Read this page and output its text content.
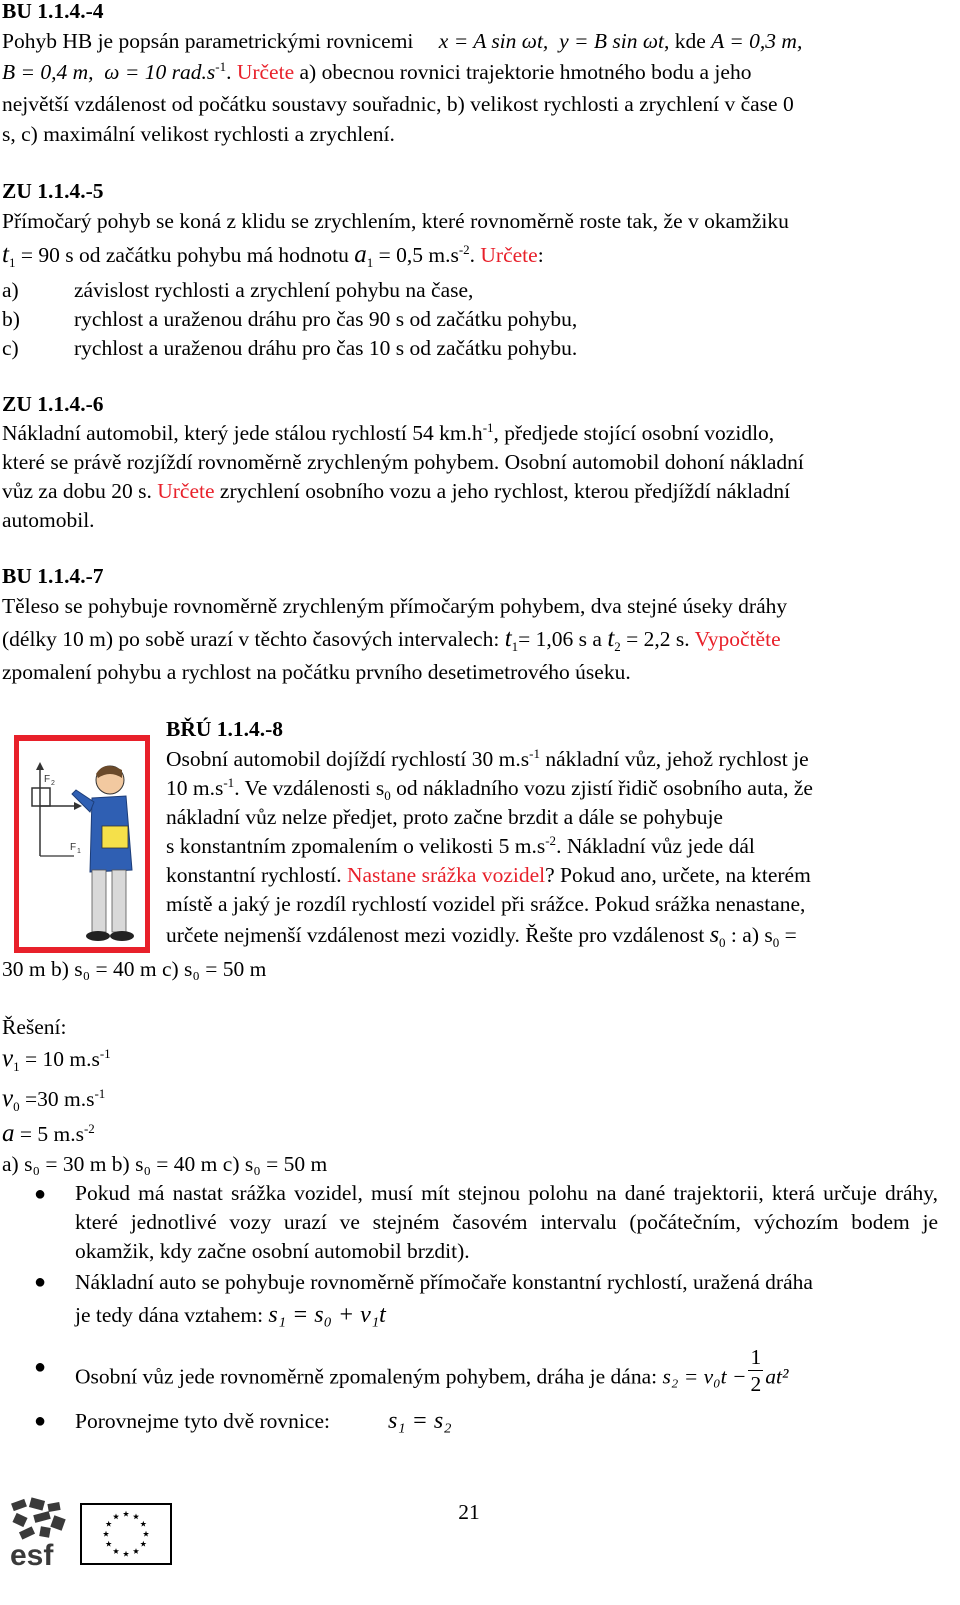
BU 1.1.4.-4
Pohyb HB je popsán parametrickými rovnicemi x = A sin ωt, y = B sin ωt, kde A = 0,3 m,
B = 0,4 m, ω = 10 $rad.s^{-1}$. Určete a) obecnou rovnici trajektorie hmotného bodu a jeho
největší vzdálenost od počátku soustavy souřadnic, b) velikost rychlosti a zrychlení v čase 0
s, c) maximální velikost rychlosti a zrychlení.
ZU 1.1.4.-5
Přímočarý pohyb se koná z klidu se zrychlením, které rovnoměrně roste tak, že v okamžiku
$t_1 = 90$ s od začátku pohybu má hodnotu $a_1 = 0,5$ $m.s^{-2}$. Určete:
a)	závislost rychlosti a zrychlení pohybu na čase,
b)	rychlost a uraženou dráhu pro čas 90 s od začátku pohybu,
c)	rychlost a uraženou dráhu pro čas 10 s od začátku pohybu.
ZU 1.1.4.-6
Nákladní automobil, který jede stálou rychlostí 54 $km.h^{-1}$, předjede stojící osobní vozidlo,
které se právě rozjíždí rovnoměrně zrychleným pohybem. Osobní automobil dohoní nákladní
vůz za dobu 20 s. Určete zrychlení osobního vozu a jeho rychlost, kterou předjíždí nákladní
automobil.
BU 1.1.4.-7
Těleso se pohybuje rovnoměrně zrychleným přímočarým pohybem, dva stejné úseky dráhy
(délky 10 m) po sobě urazí v těchto časových intervalech: $t_1= 1,06$ s a $t_2 = 2,2$ s. Vypočtěte
zpomalení pohybu a rychlost na počátku prvního desetimetrového úseku.
F 2
F 1
BŘÚ 1.1.4.-8
Osobní automobil dojíždí rychlostí 30 $m.s^{-1}$ nákladní vůz, jehož rychlost je
10 $m.s^{-1}$. Ve vzdálenosti $s_0$ od nákladního vozu zjistí řidič osobního auta, že
nákladní vůz nelze předjet, proto začne brzdit a dále se pohybuje
s konstantním zpomalením o velikosti 5 $m.s^{-2}$. Nákladní vůz jede dál
konstantní rychlostí. Nastane srážka vozidel? Pokud ano, určete, na kterém
místě a jaký je rozdíl rychlostí vozidel při srážce. Pokud srážka nenastane,
určete nejmenší vzdálenost mezi vozidly. Řešte pro vzdálenost $s_0$ : a) $s_0$ =
30 m b) s₀ = 40 m c) s₀ = 50 m
Řešení:
$v_1 = 10$ $m.s^{-1}$
$v_0 =30$ $m.s^{-1}$
a = 5 $m.s^{-2}$
a) s₀ = 30 m b) s₀ = 40 m c) s₀ = 50 m
● Pokud má nastat srážka vozidel, musí mít stejnou polohu na dané trajektorii, která určuje dráhy, které jednotlivé vozy urazí ve stejném časovém intervalu (počátečním, výchozím bodem je okamžik, kdy začne osobní automobil brzdit).
● Nákladní auto se pohybuje rovnoměrně přímočaře konstantní rychlostí, uražená dráha
je tedy dána vztahem: s₁ = s₀ + v₁t
● Osobní vůz jede rovnoměrně zpomaleným pohybem, dráha je dána: $s_2 = v_0t - \frac{1}{2} at^2$
● Porovnejme tyto dvě rovnice: s₁ = s₂
21
esf
